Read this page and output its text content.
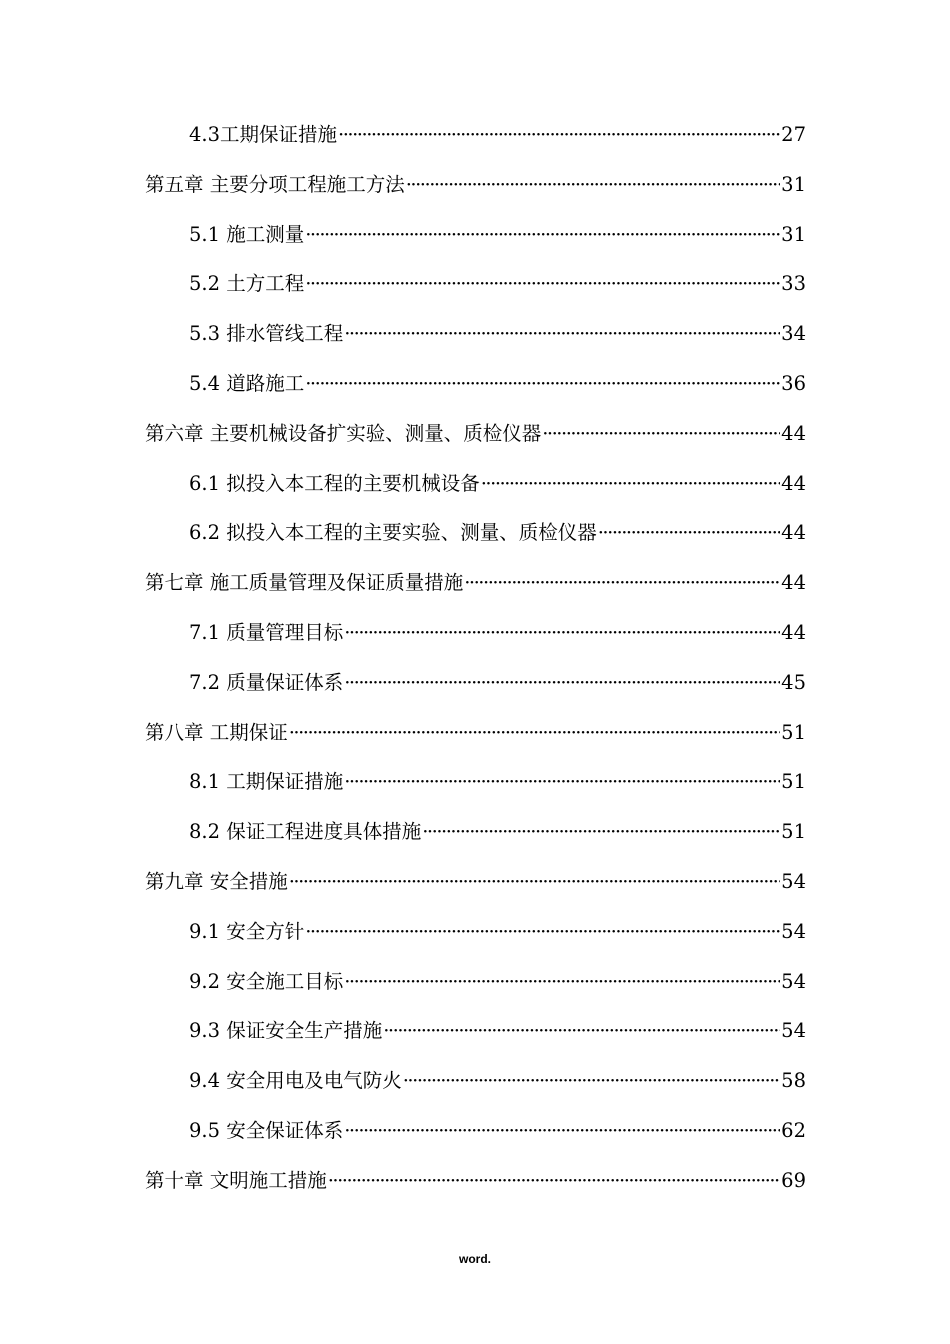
4.3工期保证措施 ·····	27
第五章 主要分项工程施工方法 ·····	31
5.1 施工测量 ·····	31
5.2 土方工程 ·····	33
5.3 排水管线工程 ·····	34
5.4 道路施工 ·····	36
第六章 主要机械设备扩实验、测量、质检仪器 ·····	44
6.1 拟投入本工程的主要机械设备 ·····	44
6.2 拟投入本工程的主要实验、测量、质检仪器 ·····	44
第七章 施工质量管理及保证质量措施 ·····	44
7.1 质量管理目标 ·····	44
7.2 质量保证体系 ·····	45
第八章 工期保证 ·····	51
8.1 工期保证措施 ·····	51
8.2 保证工程进度具体措施 ·····	51
第九章 安全措施 ·····	54
9.1 安全方针 ·····	54
9.2 安全施工目标 ·····	54
9.3 保证安全生产措施 ·····	54
9.4 安全用电及电气防火 ·····	58
9.5 安全保证体系 ·····	62
第十章 文明施工措施 ·····	69
word.
